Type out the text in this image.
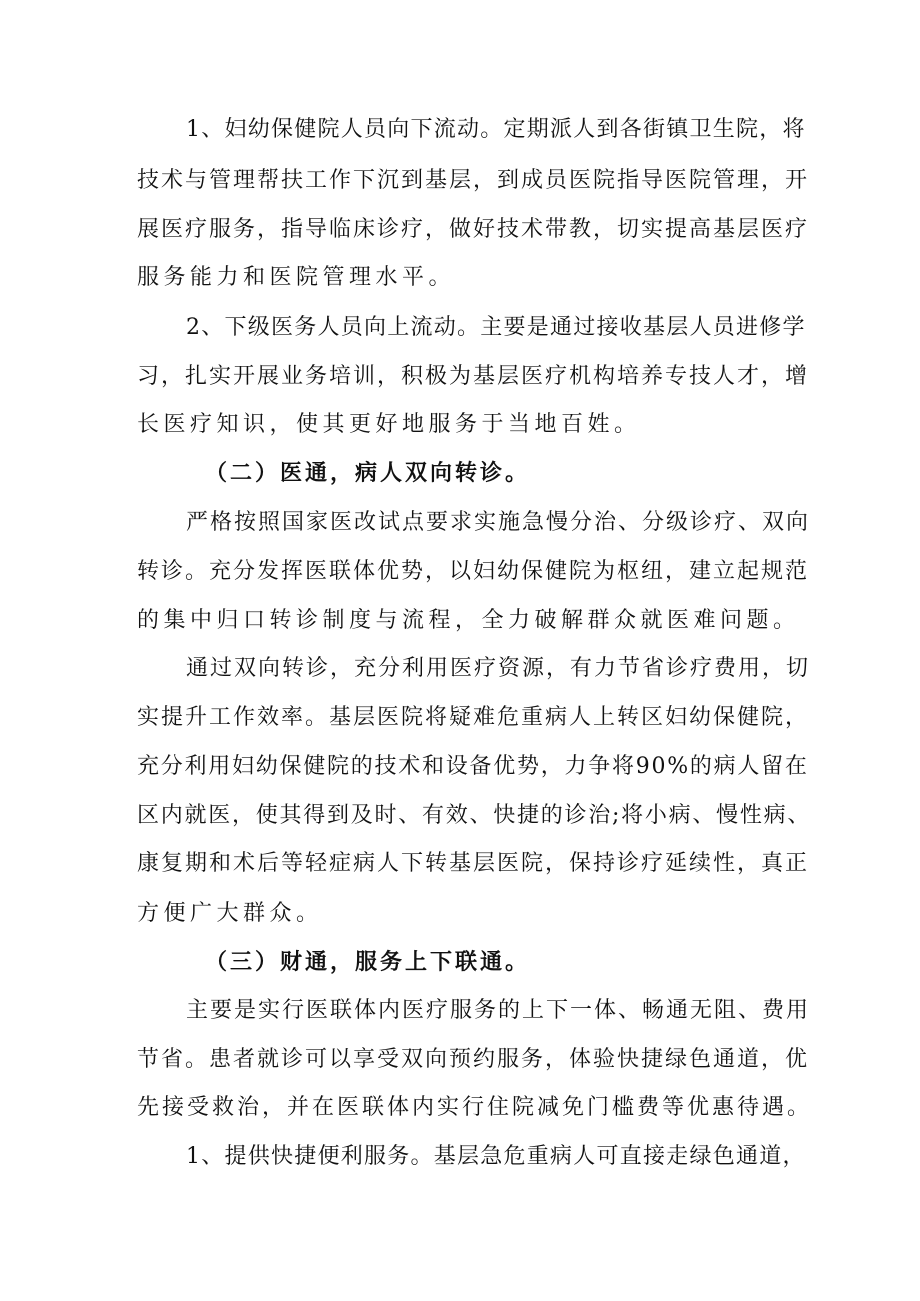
1、妇幼保健院人员向下流动。定期派人到各街镇卫生院，将
技术与管理帮扶工作下沉到基层，到成员医院指导医院管理，开
展医疗服务，指导临床诊疗，做好技术带教，切实提高基层医疗
服务能力和医院管理水平。
2、下级医务人员向上流动。主要是通过接收基层人员进修学
习，扎实开展业务培训，积极为基层医疗机构培养专技人才，增
长医疗知识，使其更好地服务于当地百姓。
（二）医通，病人双向转诊。
严格按照国家医改试点要求实施急慢分治、分级诊疗、双向
转诊。充分发挥医联体优势，以妇幼保健院为枢纽，建立起规范
的集中归口转诊制度与流程，全力破解群众就医难问题。
通过双向转诊，充分利用医疗资源，有力节省诊疗费用，切
实提升工作效率。基层医院将疑难危重病人上转区妇幼保健院，
充分利用妇幼保健院的技术和设备优势，力争将90%的病人留在
区内就医，使其得到及时、有效、快捷的诊治;将小病、慢性病、
康复期和术后等轻症病人下转基层医院，保持诊疗延续性，真正
方便广大群众。
（三）财通，服务上下联通。
主要是实行医联体内医疗服务的上下一体、畅通无阻、费用
节省。患者就诊可以享受双向预约服务，体验快捷绿色通道，优
先接受救治，并在医联体内实行住院减免门槛费等优惠待遇。
1、提供快捷便利服务。基层急危重病人可直接走绿色通道，
